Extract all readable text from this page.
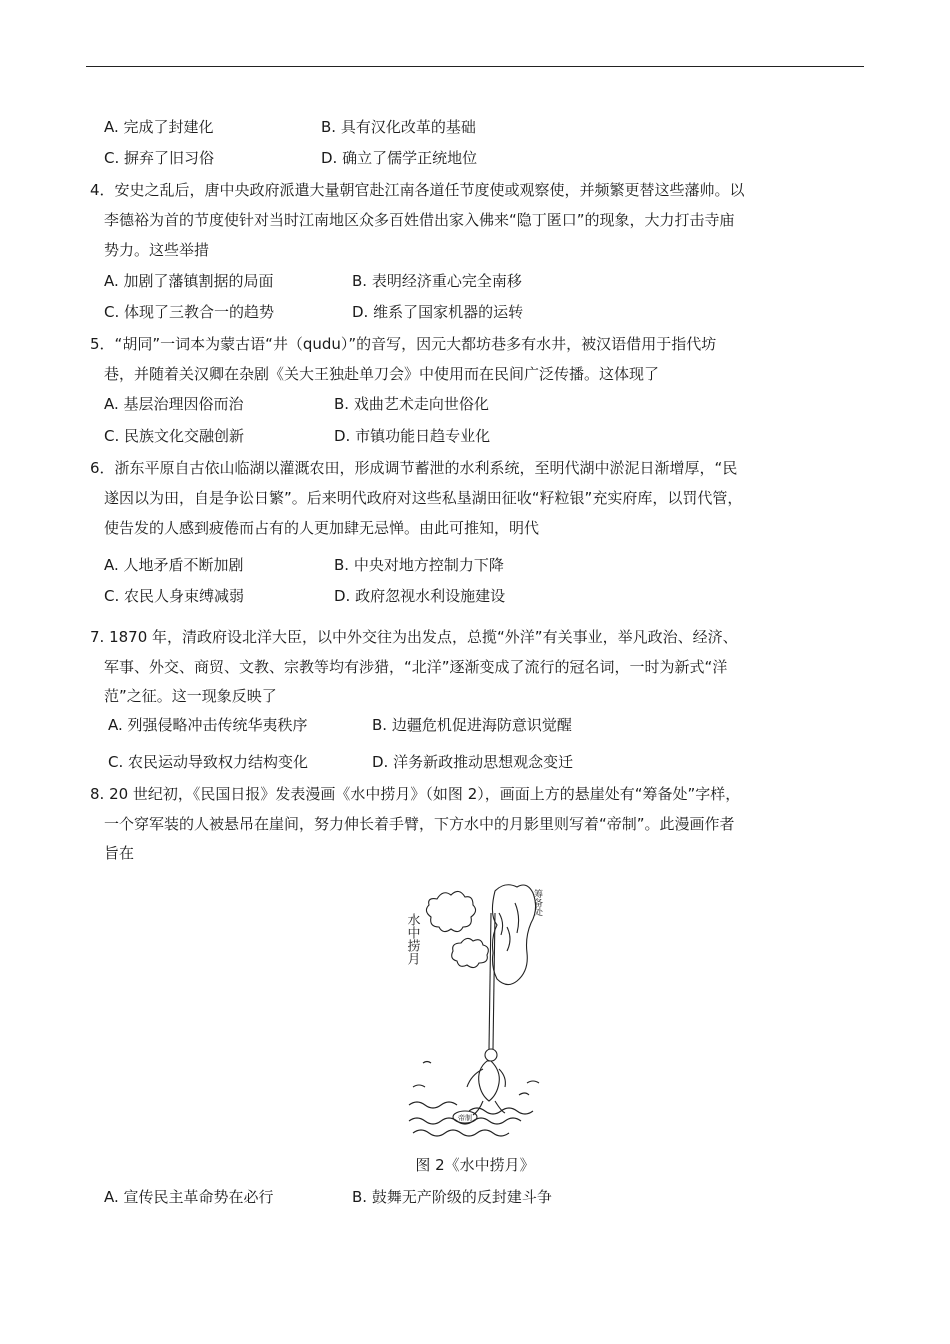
A. 完成了封建化	B. 具有汉化改革的基础
C. 摒弃了旧习俗	D. 确立了儒学正统地位
4．安史之乱后，唐中央政府派遣大量朝官赴江南各道任节度使或观察使，并频繁更替这些藩帅。以
李德裕为首的节度使针对当时江南地区众多百姓借出家入佛来“隐丁匿口”的现象，大力打击寺庙
势力。这些举措
A. 加剧了藩镇割据的局面	B. 表明经济重心完全南移
C. 体现了三教合一的趋势	D. 维系了国家机器的运转
5．“胡同”一词本为蒙古语“井（qudu）”的音写，因元大都坊巷多有水井，被汉语借用于指代坊
巷，并随着关汉卿在杂剧《关大王独赴单刀会》中使用而在民间广泛传播。这体现了
A. 基层治理因俗而治	B. 戏曲艺术走向世俗化
C. 民族文化交融创新	D. 市镇功能日趋专业化
6．浙东平原自古依山临湖以灌溉农田，形成调节蓄泄的水利系统，至明代湖中淤泥日渐增厚，“民
遂因以为田，自是争讼日繁”。后来明代政府对这些私垦湖田征收“籽粒银”充实府库，以罚代管，
使告发的人感到疲倦而占有的人更加肆无忌惮。由此可推知，明代
A. 人地矛盾不断加剧	B. 中央对地方控制力下降
C. 农民人身束缚减弱	D. 政府忽视水利设施建设
7. 1870 年，清政府设北洋大臣，以中外交往为出发点，总揽“外洋”有关事业，举凡政治、经济、
军事、外交、商贸、文教、宗教等均有涉猎，“北洋”逐渐变成了流行的冠名词，一时为新式“洋
范”之征。这一现象反映了
A. 列强侵略冲击传统华夷秩序	B. 边疆危机促进海防意识觉醒
C. 农民运动导致权力结构变化	D. 洋务新政推动思想观念变迁
8. 20 世纪初，《民国日报》发表漫画《水中捞月》（如图 2），画面上方的悬崖处有“筹备处”字样，
一个穿军装的人被悬吊在崖间，努力伸长着手臂，下方水中的月影里则写着“帝制”。此漫画作者
旨在
水中捞月
筹备处
帝制
图 2《水中捞月》
A. 宣传民主革命势在必行	B. 鼓舞无产阶级的反封建斗争
